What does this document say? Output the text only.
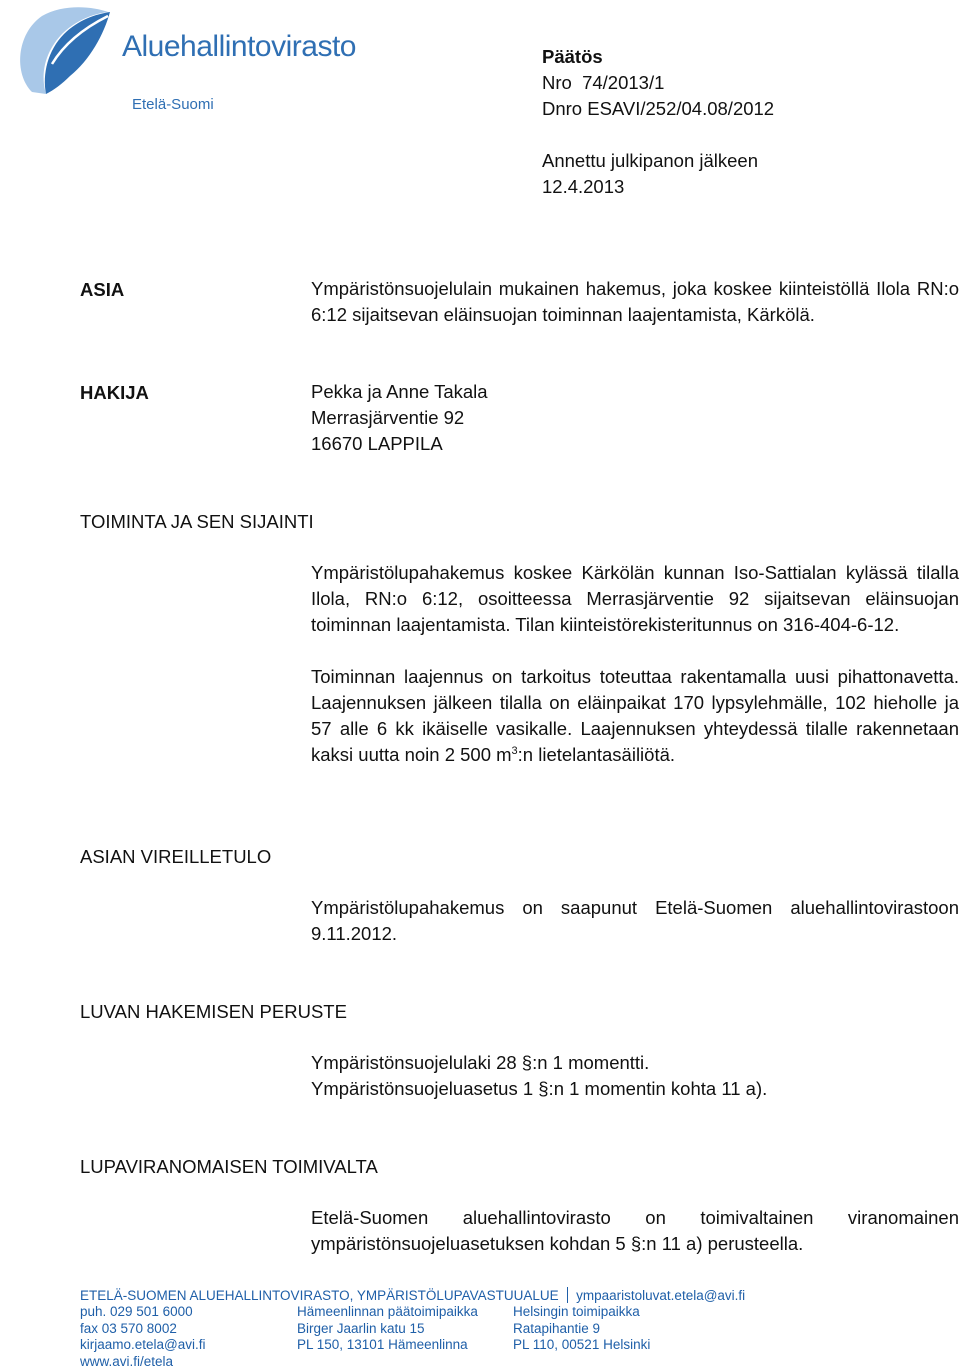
Aluehallintovirasto
Etelä-Suomi
Päätös
Nro  74/2013/1
Dnro ESAVI/252/04.08/2012
Annettu julkipanon jälkeen
12.4.2013
ASIA	Ympäristönsuojelulain mukainen hakemus, joka koskee kiinteistöllä Ilola RN:o 6:12 sijaitsevan eläinsuojan toiminnan laajentamista, Kärkölä.

HAKIJA	Pekka ja Anne Takala

Merrasjärventie 92

16670 LAPPILA

TOIMINTA JA SEN SIJAINTI

Ympäristölupahakemus koskee Kärkölän kunnan Iso-Sattialan kylässä tilalla Ilola, RN:o 6:12, osoitteessa Merrasjärventie 92 sijaitsevan eläinsuojan toiminnan laajentamista. Tilan kiinteistörekisteritunnus on 316-404-6-12.

Toiminnan laajennus on tarkoitus toteuttaa rakentamalla uusi pihattonavetta. Laajennuksen jälkeen tilalla on eläinpaikat 170 lypsylehmälle, 102 hieholle ja 57 alle 6 kk ikäiselle vasikalle. Laajennuksen yhteydessä tilalle rakennetaan kaksi uutta noin 2 500 $m^3:n$ lietelantasäiliötä.

ASIAN VIREILLETULO

Ympäristölupahakemus on saapunut Etelä-Suomen aluehallintovirastoon 9.11.2012.

LUVAN HAKEMISEN PERUSTE

Ympäristönsuojelulaki 28 §:n 1 momentti.

Ympäristönsuojeluasetus 1 §:n 1 momentin kohta 11 a).

LUPAVIRANOMAISEN TOIMIVALTA

Etelä-Suomen aluehallintovirasto on toimivaltainen viranomainen ympäristönsuojeluasetuksen kohdan 5 §:n 11 a) perusteella.

ETELÄ-SUOMEN ALUEHALLINTOVIRASTO, YMPÄRISTÖLUPAVASTUUALUE ympaaristoluvat.etela@avi.fi
puh. 029 501 6000
fax 03 570 8002
kirjaamo.etela@avi.fi
www.avi.fi/etela
Hämeenlinnan päätoimipaikka
Birger Jaarlin katu 15
PL 150, 13101 Hämeenlinna
Helsingin toimipaikka
Ratapihantie 9
PL 110, 00521 Helsinki
